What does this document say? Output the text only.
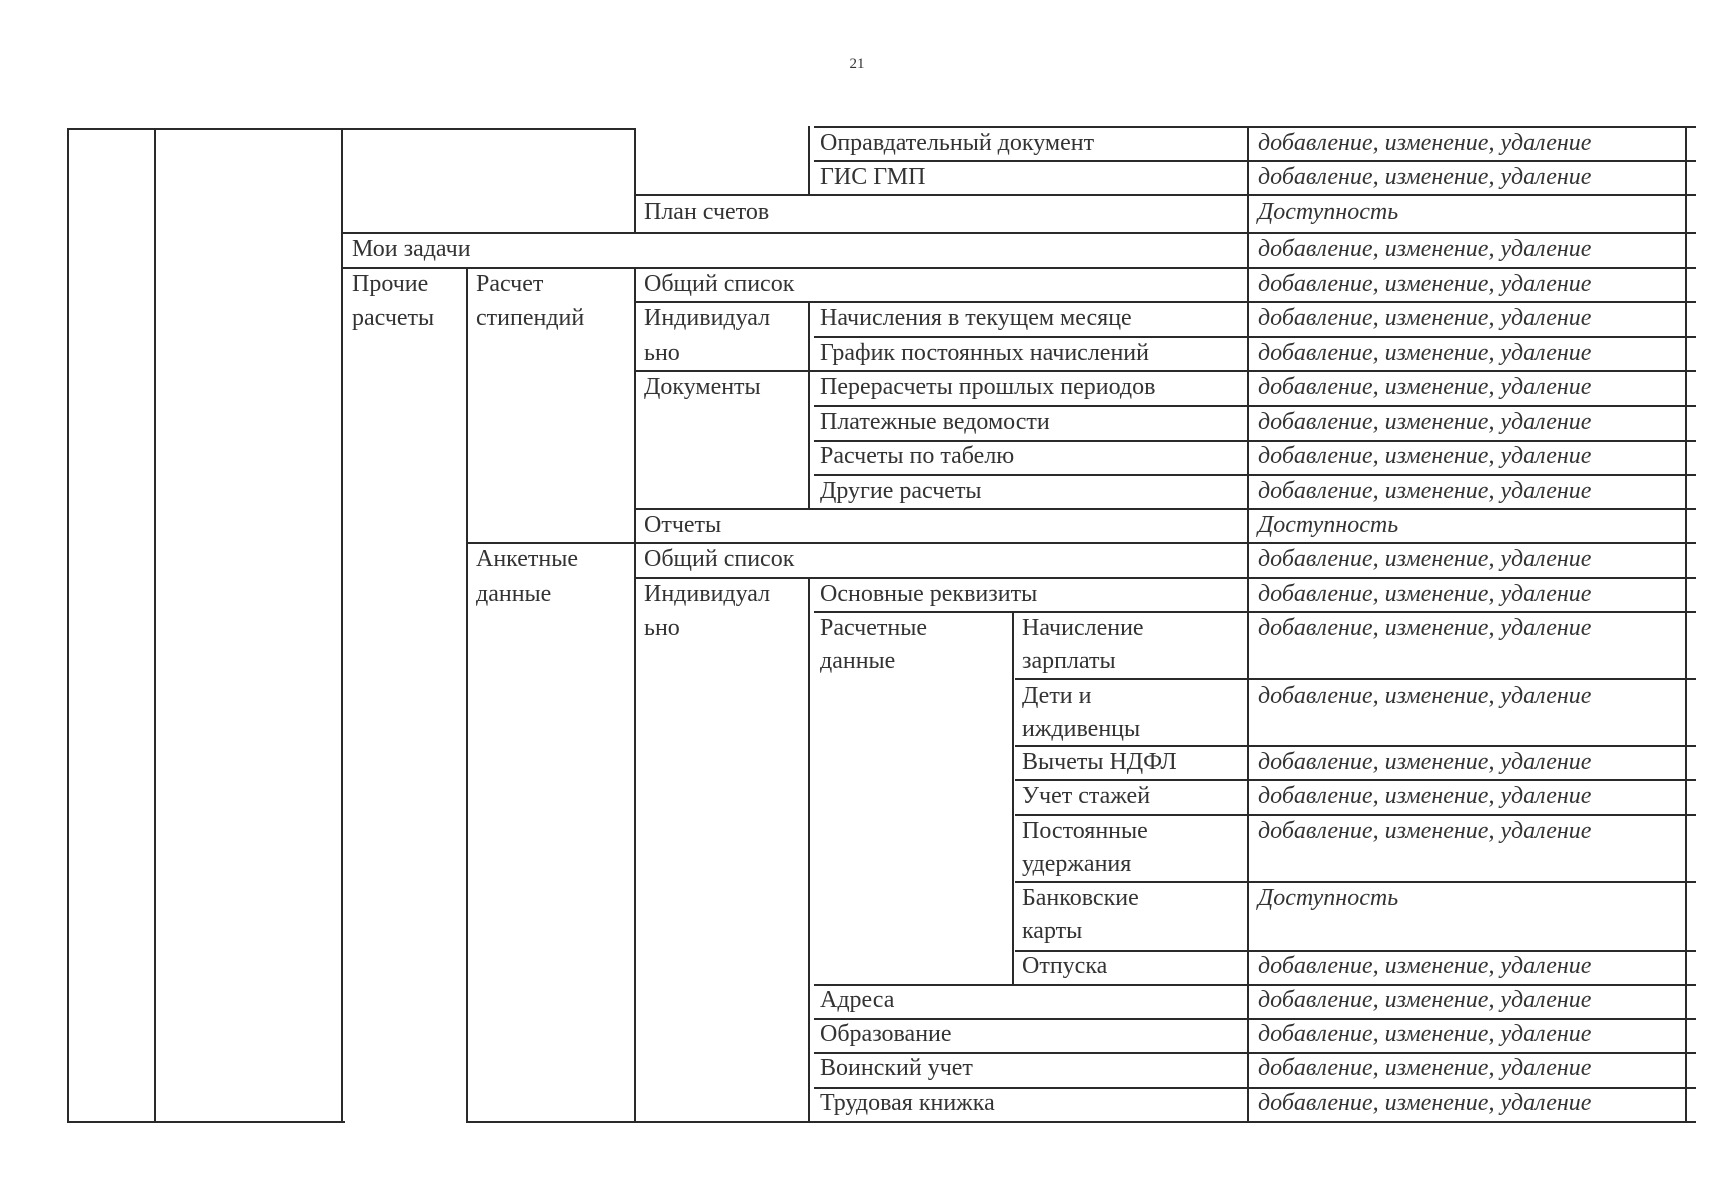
21
Оправдательный документ
ГИС ГМП
План счетов
Мои задачи
Прочие
расчеты
Расчет
стипендий
Общий список
Индивидуал
ьно
Начисления в текущем месяце
График постоянных начислений
Документы Перерасчеты прошлых периодов
Платежные ведомости
Расчеты по табелю
Другие расчеты
Отчеты
Анкетные
данные
Общий список
Индивидуал
ьно
Основные реквизиты
Расчетные
данные
Начисление
зарплаты
Дети и
иждивенцы
Вычеты НДФЛ
Учет стажей
Постоянные
удержания
Банковские
карты
Отпуска
Адреса
Образование
Воинский учет
Трудовая книжка
добавление, изменение, удаление
добавление, изменение, удаление
Доступность
добавление, изменение, удаление
добавление, изменение, удаление
добавление, изменение, удаление
добавление, изменение, удаление
добавление, изменение, удаление
добавление, изменение, удаление
добавление, изменение, удаление
добавление, изменение, удаление
Доступность
добавление, изменение, удаление
добавление, изменение, удаление
добавление, изменение, удаление
добавление, изменение, удаление
добавление, изменение, удаление
добавление, изменение, удаление
добавление, изменение, удаление
Доступность
добавление, изменение, удаление
добавление, изменение, удаление
добавление, изменение, удаление
добавление, изменение, удаление
добавление, изменение, удаление
